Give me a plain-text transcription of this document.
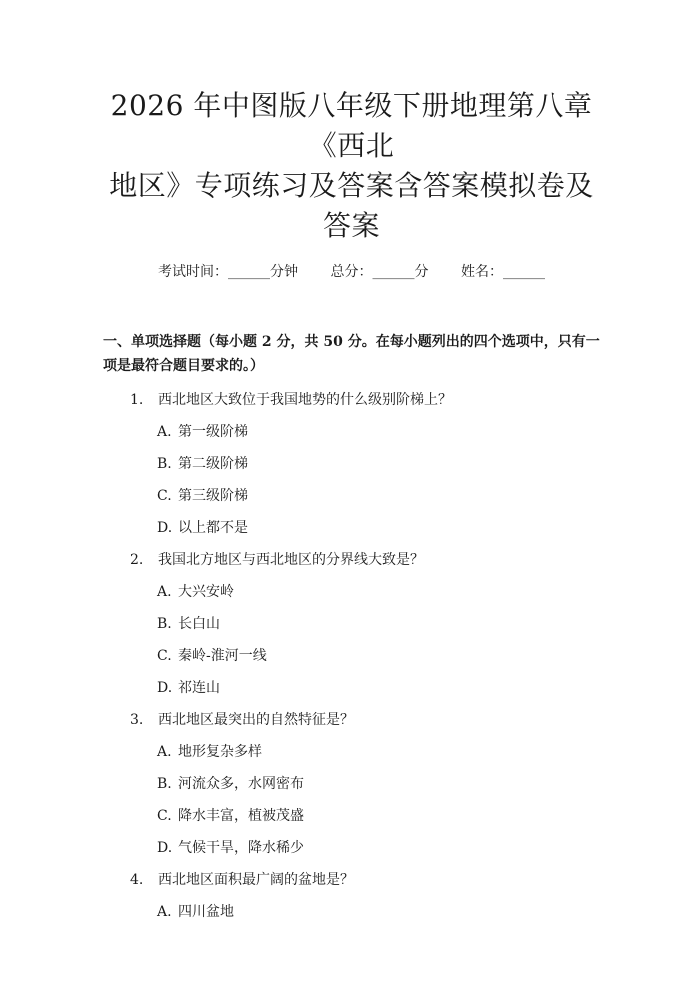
2026 年中图版八年级下册地理第八章《西北
地区》专项练习及答案含答案模拟卷及答案
考试时间：______分钟 总分：______分 姓名：______
一、单项选择题（每小题 2 分，共 50 分。在每小题列出的四个选项中，只有一项是最符合题目要求的。）
1.	西北地区大致位于我国地势的什么级别阶梯上？
A. 第一级阶梯
B. 第二级阶梯
C. 第三级阶梯
D. 以上都不是
2.	我国北方地区与西北地区的分界线大致是？
A. 大兴安岭
B. 长白山
C. 秦岭-淮河一线
D. 祁连山
3.	西北地区最突出的自然特征是？
A. 地形复杂多样
B. 河流众多，水网密布
C. 降水丰富，植被茂盛
D. 气候干旱，降水稀少
4.	西北地区面积最广阔的盆地是？
A. 四川盆地
